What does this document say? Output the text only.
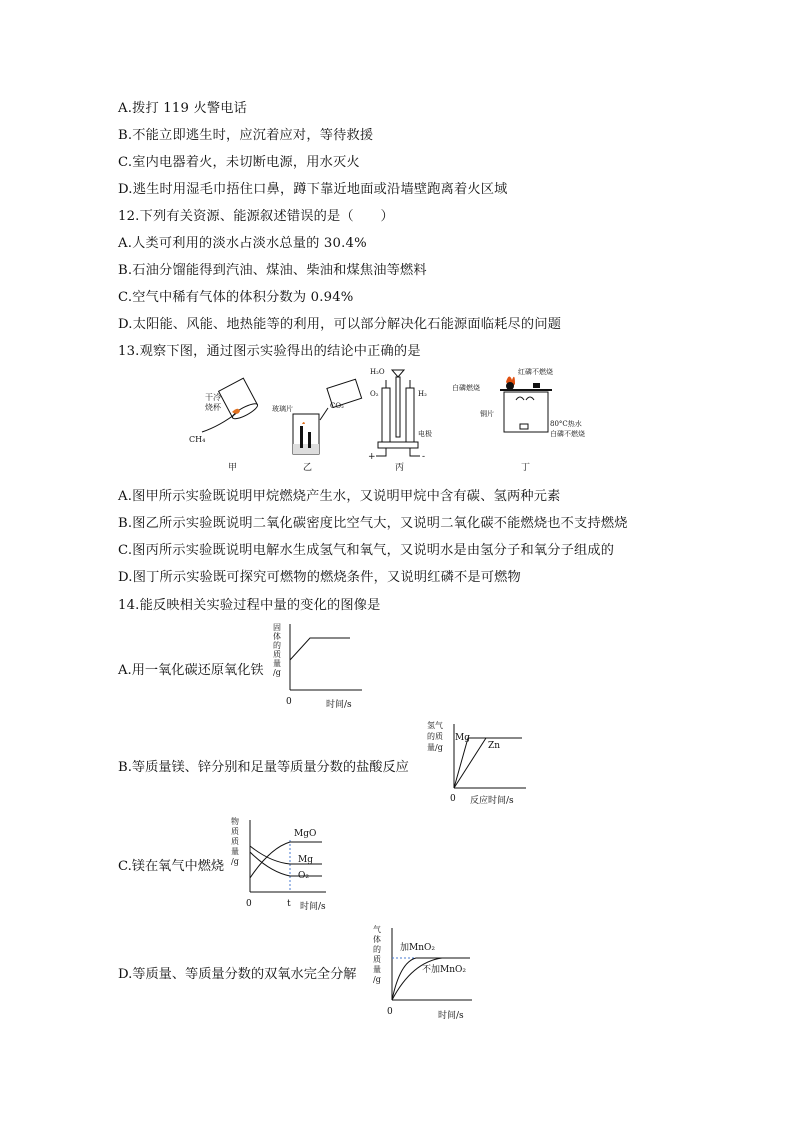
A.拨打 119 火警电话
B.不能立即逃生时，应沉着应对，等待救援
C.室内电器着火，未切断电源，用水灭火
D.逃生时用湿毛巾捂住口鼻，蹲下靠近地面或沿墙壁跑离着火区域
12.下列有关资源、能源叙述错误的是（　　）
A.人类可利用的淡水占淡水总量的 30.4%
B.石油分馏能得到汽油、煤油、柴油和煤焦油等燃料
C.空气中稀有气体的体积分数为 0.94%
D.太阳能、风能、地热能等的利用，可以部分解决化石能源面临耗尽的问题
13.观察下图，通过图示实验得出的结论中正确的是
干冷
烧杯
CH₄
甲
CO₂
玻璃片
乙
H₂O
O₂	H₂
电极
+	-
丙
红磷不燃烧
白磷燃烧
铜片
80°C热水
白磷不燃烧
丁
A.图甲所示实验既说明甲烷燃烧产生水，又说明甲烷中含有碳、氢两种元素
B.图乙所示实验既说明二氧化碳密度比空气大，又说明二氧化碳不能燃烧也不支持燃烧
C.图丙所示实验既说明电解水生成氢气和氧气，又说明水是由氢分子和氧分子组成的
D.图丁所示实验既可探究可燃物的燃烧条件，又说明红磷不是可燃物
14.能反映相关实验过程中量的变化的图像是
A.用一氧化碳还原氧化铁
固
体
的
质
量
/g
0	时间/s
B.等质量镁、锌分别和足量等质量分数的盐酸反应
氢气
的质
量/g
Mg
Zn
0 反应时间/s
C.镁在氧气中燃烧
物
质
质
量
/g
MgO
Mg
O₂
0	t 时间/s
D.等质量、等质量分数的双氧水完全分解
气
体
的
质
量
/g
加MnO₂
不加MnO₂
0	时间/s
